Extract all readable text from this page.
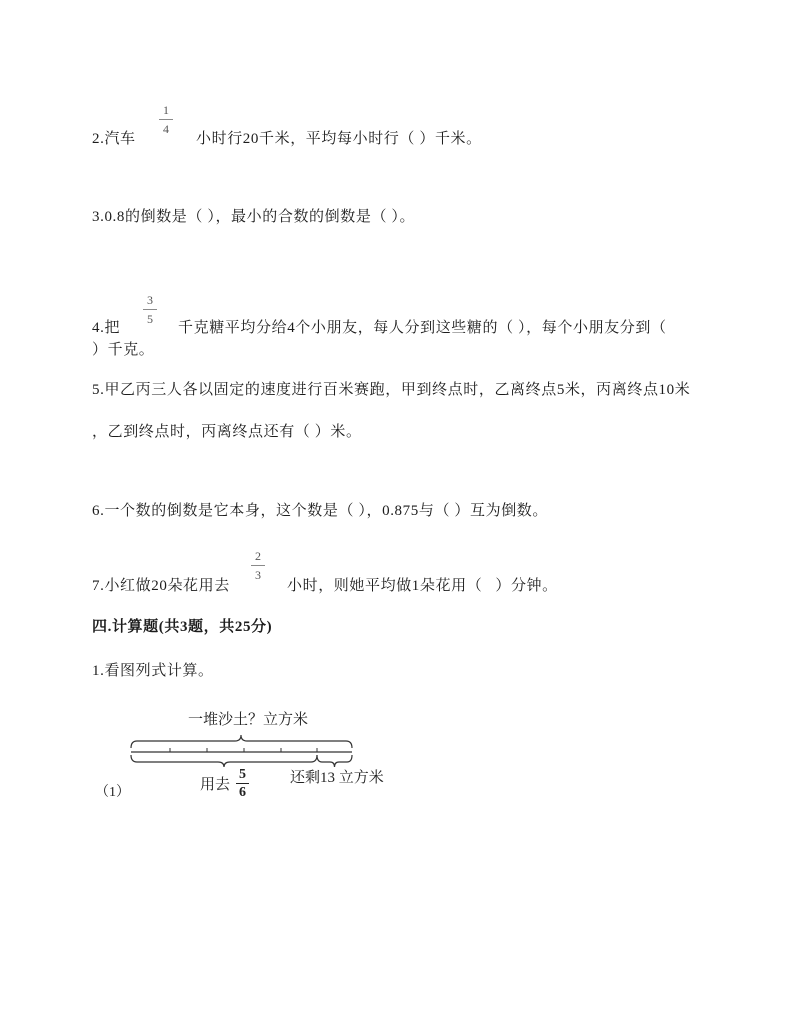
2.汽车
1
4
小时行20千米，平均每小时行（ ）千米。
3.0.8的倒数是（ ），最小的合数的倒数是（ ）。
3
5
4.把	千克糖平均分给4个小朋友，每人分到这些糖的（ ），每个小朋友分到（
）千克。
5.甲乙丙三人各以固定的速度进行百米赛跑，甲到终点时，乙离终点5米，丙离终点10米
，乙到终点时，丙离终点还有（ ）米。
6.一个数的倒数是它本身，这个数是（ ），0.875与（ ）互为倒数。
2
3
7.小红做20朵花用去	小时，则她平均做1朵花用（   ）分钟。
四.计算题(共3题，共25分)
1.看图列式计算。
一堆沙土？立方米
用去
5
6
还剩13 立方米
（1）
